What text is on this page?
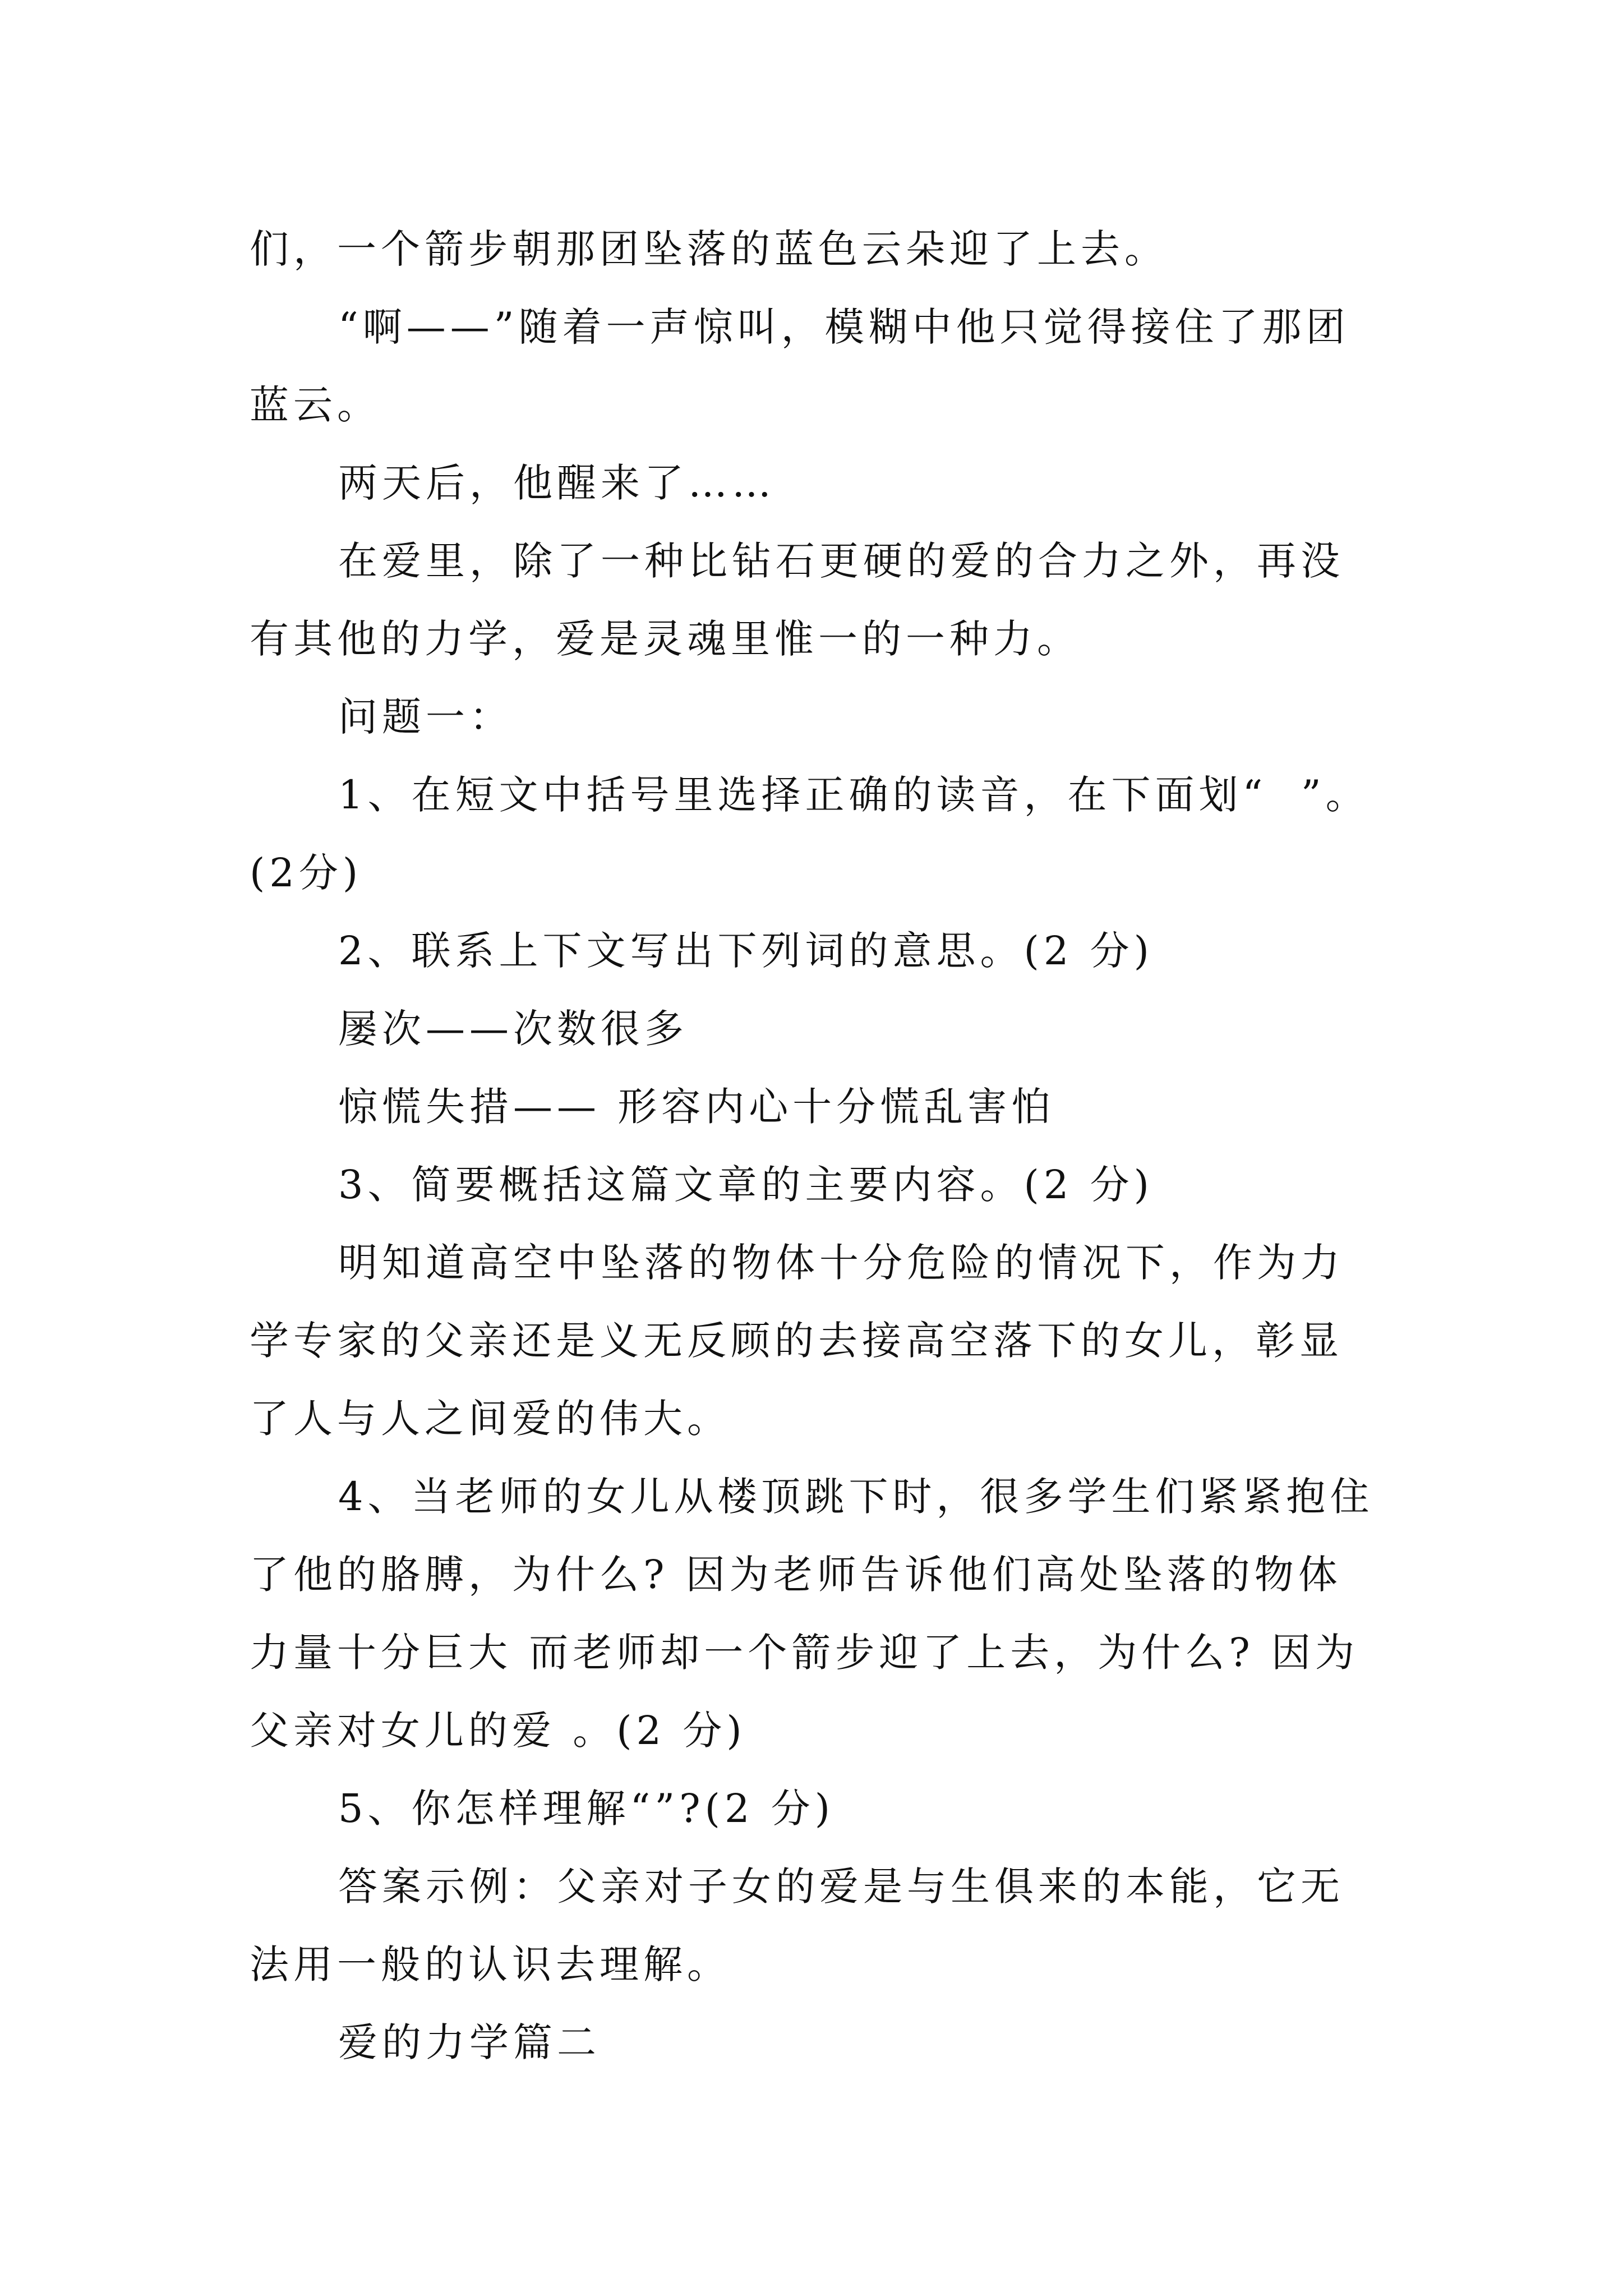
们，一个箭步朝那团坠落的蓝色云朵迎了上去。

“啊——”随着一声惊叫，模糊中他只觉得接住了那团蓝云。

两天后，他醒来了……

在爱里，除了一种比钻石更硬的爱的合力之外，再没有其他的力学，爱是灵魂里惟一的一种力。

问题一：

1、在短文中括号里选择正确的读音，在下面划“  ”。(2分)

2、联系上下文写出下列词的意思。(2 分)

屡次——次数很多

惊慌失措—— 形容内心十分慌乱害怕

3、简要概括这篇文章的主要内容。(2 分)

明知道高空中坠落的物体十分危险的情况下，作为力学专家的父亲还是义无反顾的去接高空落下的女儿，彰显了人与人之间爱的伟大。

4、当老师的女儿从楼顶跳下时，很多学生们紧紧抱住了他的胳膊，为什么? 因为老师告诉他们高处坠落的物体力量十分巨大 而老师却一个箭步迎了上去，为什么? 因为父亲对女儿的爱 。(2 分)

5、你怎样理解“”?(2 分)

答案示例：父亲对子女的爱是与生俱来的本能，它无法用一般的认识去理解。

爱的力学篇二
